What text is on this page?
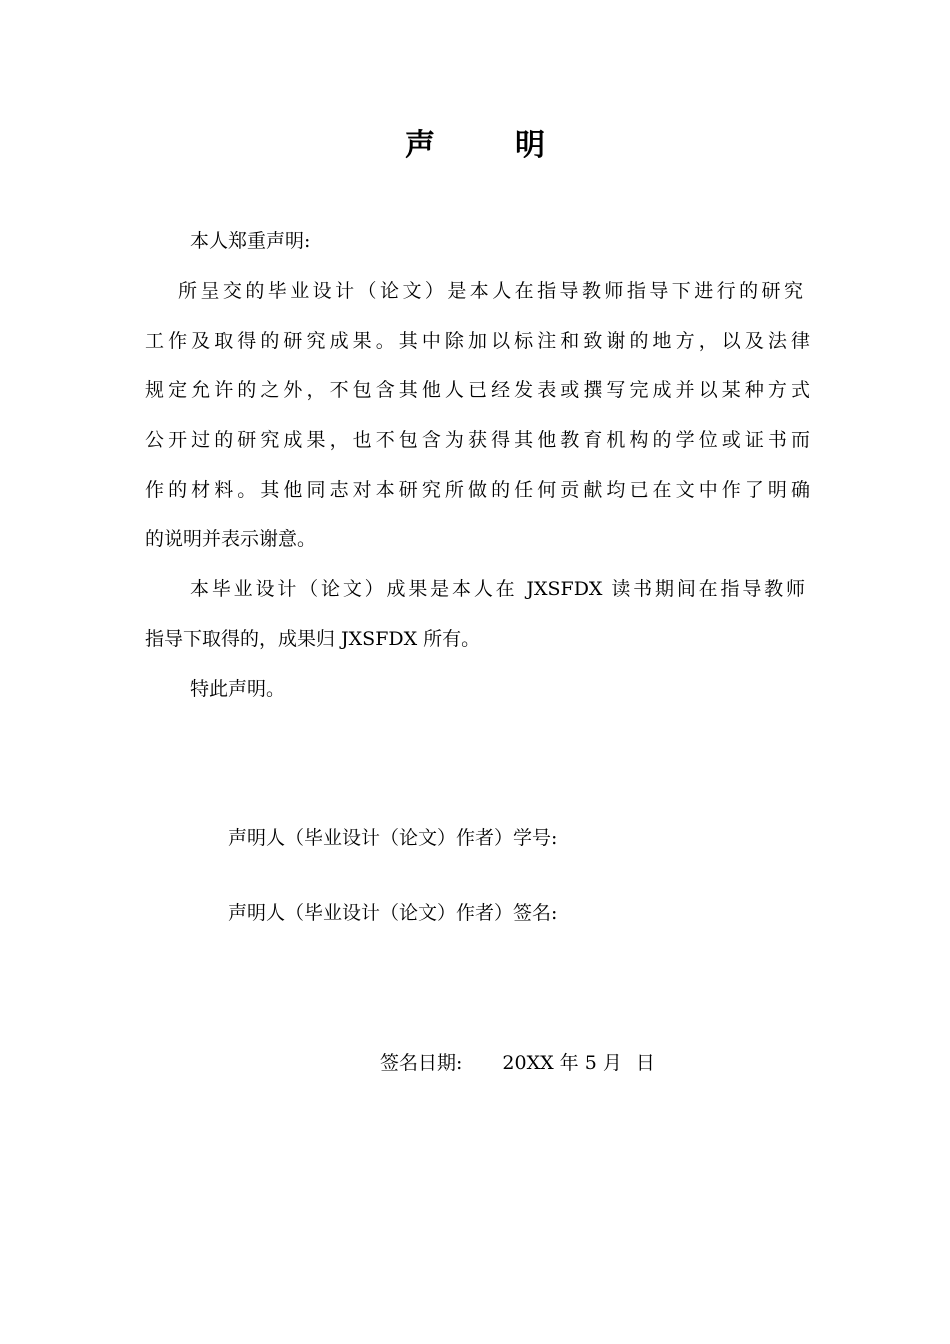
声	明
本人郑重声明:
所呈交的毕业设计（论文）是本人在指导教师指导下进行的研究
工作及取得的研究成果。其中除加以标注和致谢的地方，以及法律
规定允许的之外，不包含其他人已经发表或撰写完成并以某种方式
公开过的研究成果，也不包含为获得其他教育机构的学位或证书而
作的材料。其他同志对本研究所做的任何贡献均已在文中作了明确
的说明并表示谢意。
本毕业设计（论文）成果是本人在 JXSFDX 读书期间在指导教师
指导下取得的，成果归 JXSFDX 所有。
特此声明。
声明人（毕业设计（论文）作者）学号:
声明人（毕业设计（论文）作者）签名:
签名日期: 20XX 年 5 月 日
